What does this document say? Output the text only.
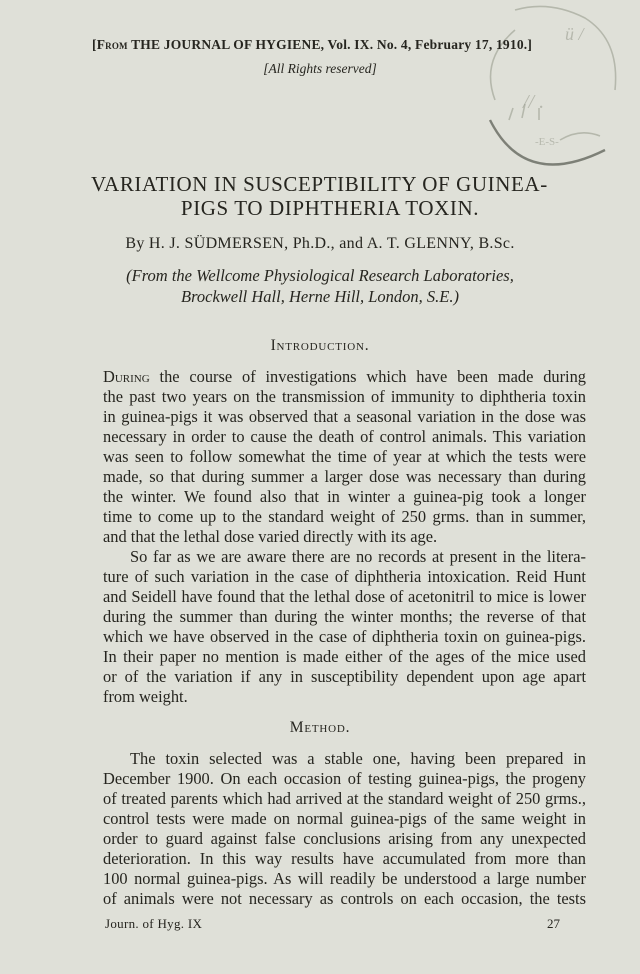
// .
ü /
-E-S-
[From THE JOURNAL OF HYGIENE, Vol. IX. No. 4, February 17, 1910.]
[All Rights reserved]
VARIATION IN SUSCEPTIBILITY OF GUINEA-
PIGS TO DIPHTHERIA TOXIN.
By H. J. SÜDMERSEN, Ph.D., and A. T. GLENNY, B.Sc.
(From the Wellcome Physiological Research Laboratories,
Brockwell Hall, Herne Hill, London, S.E.)
Introduction.
During the course of investigations which have been made during
the past two years on the transmission of immunity to diphtheria toxin
in guinea-pigs it was observed that a seasonal variation in the dose was
necessary in order to cause the death of control animals. This variation
was seen to follow somewhat the time of year at which the tests were
made, so that during summer a larger dose was necessary than during
the winter. We found also that in winter a guinea-pig took a longer
time to come up to the standard weight of 250 grms. than in summer,
and that the lethal dose varied directly with its age.
So far as we are aware there are no records at present in the litera-
ture of such variation in the case of diphtheria intoxication. Reid Hunt
and Seidell have found that the lethal dose of acetonitril to mice is lower
during the summer than during the winter months; the reverse of that
which we have observed in the case of diphtheria toxin on guinea-pigs.
In their paper no mention is made either of the ages of the mice used
or of the variation if any in susceptibility dependent upon age apart
from weight.
Method.
The toxin selected was a stable one, having been prepared in
December 1900. On each occasion of testing guinea-pigs, the progeny
of treated parents which had arrived at the standard weight of 250 grms.,
control tests were made on normal guinea-pigs of the same weight in
order to guard against false conclusions arising from any unexpected
deterioration. In this way results have accumulated from more than
100 normal guinea-pigs. As will readily be understood a large number
of animals were not necessary as controls on each occasion, the tests
Journ. of Hyg. IX	27
